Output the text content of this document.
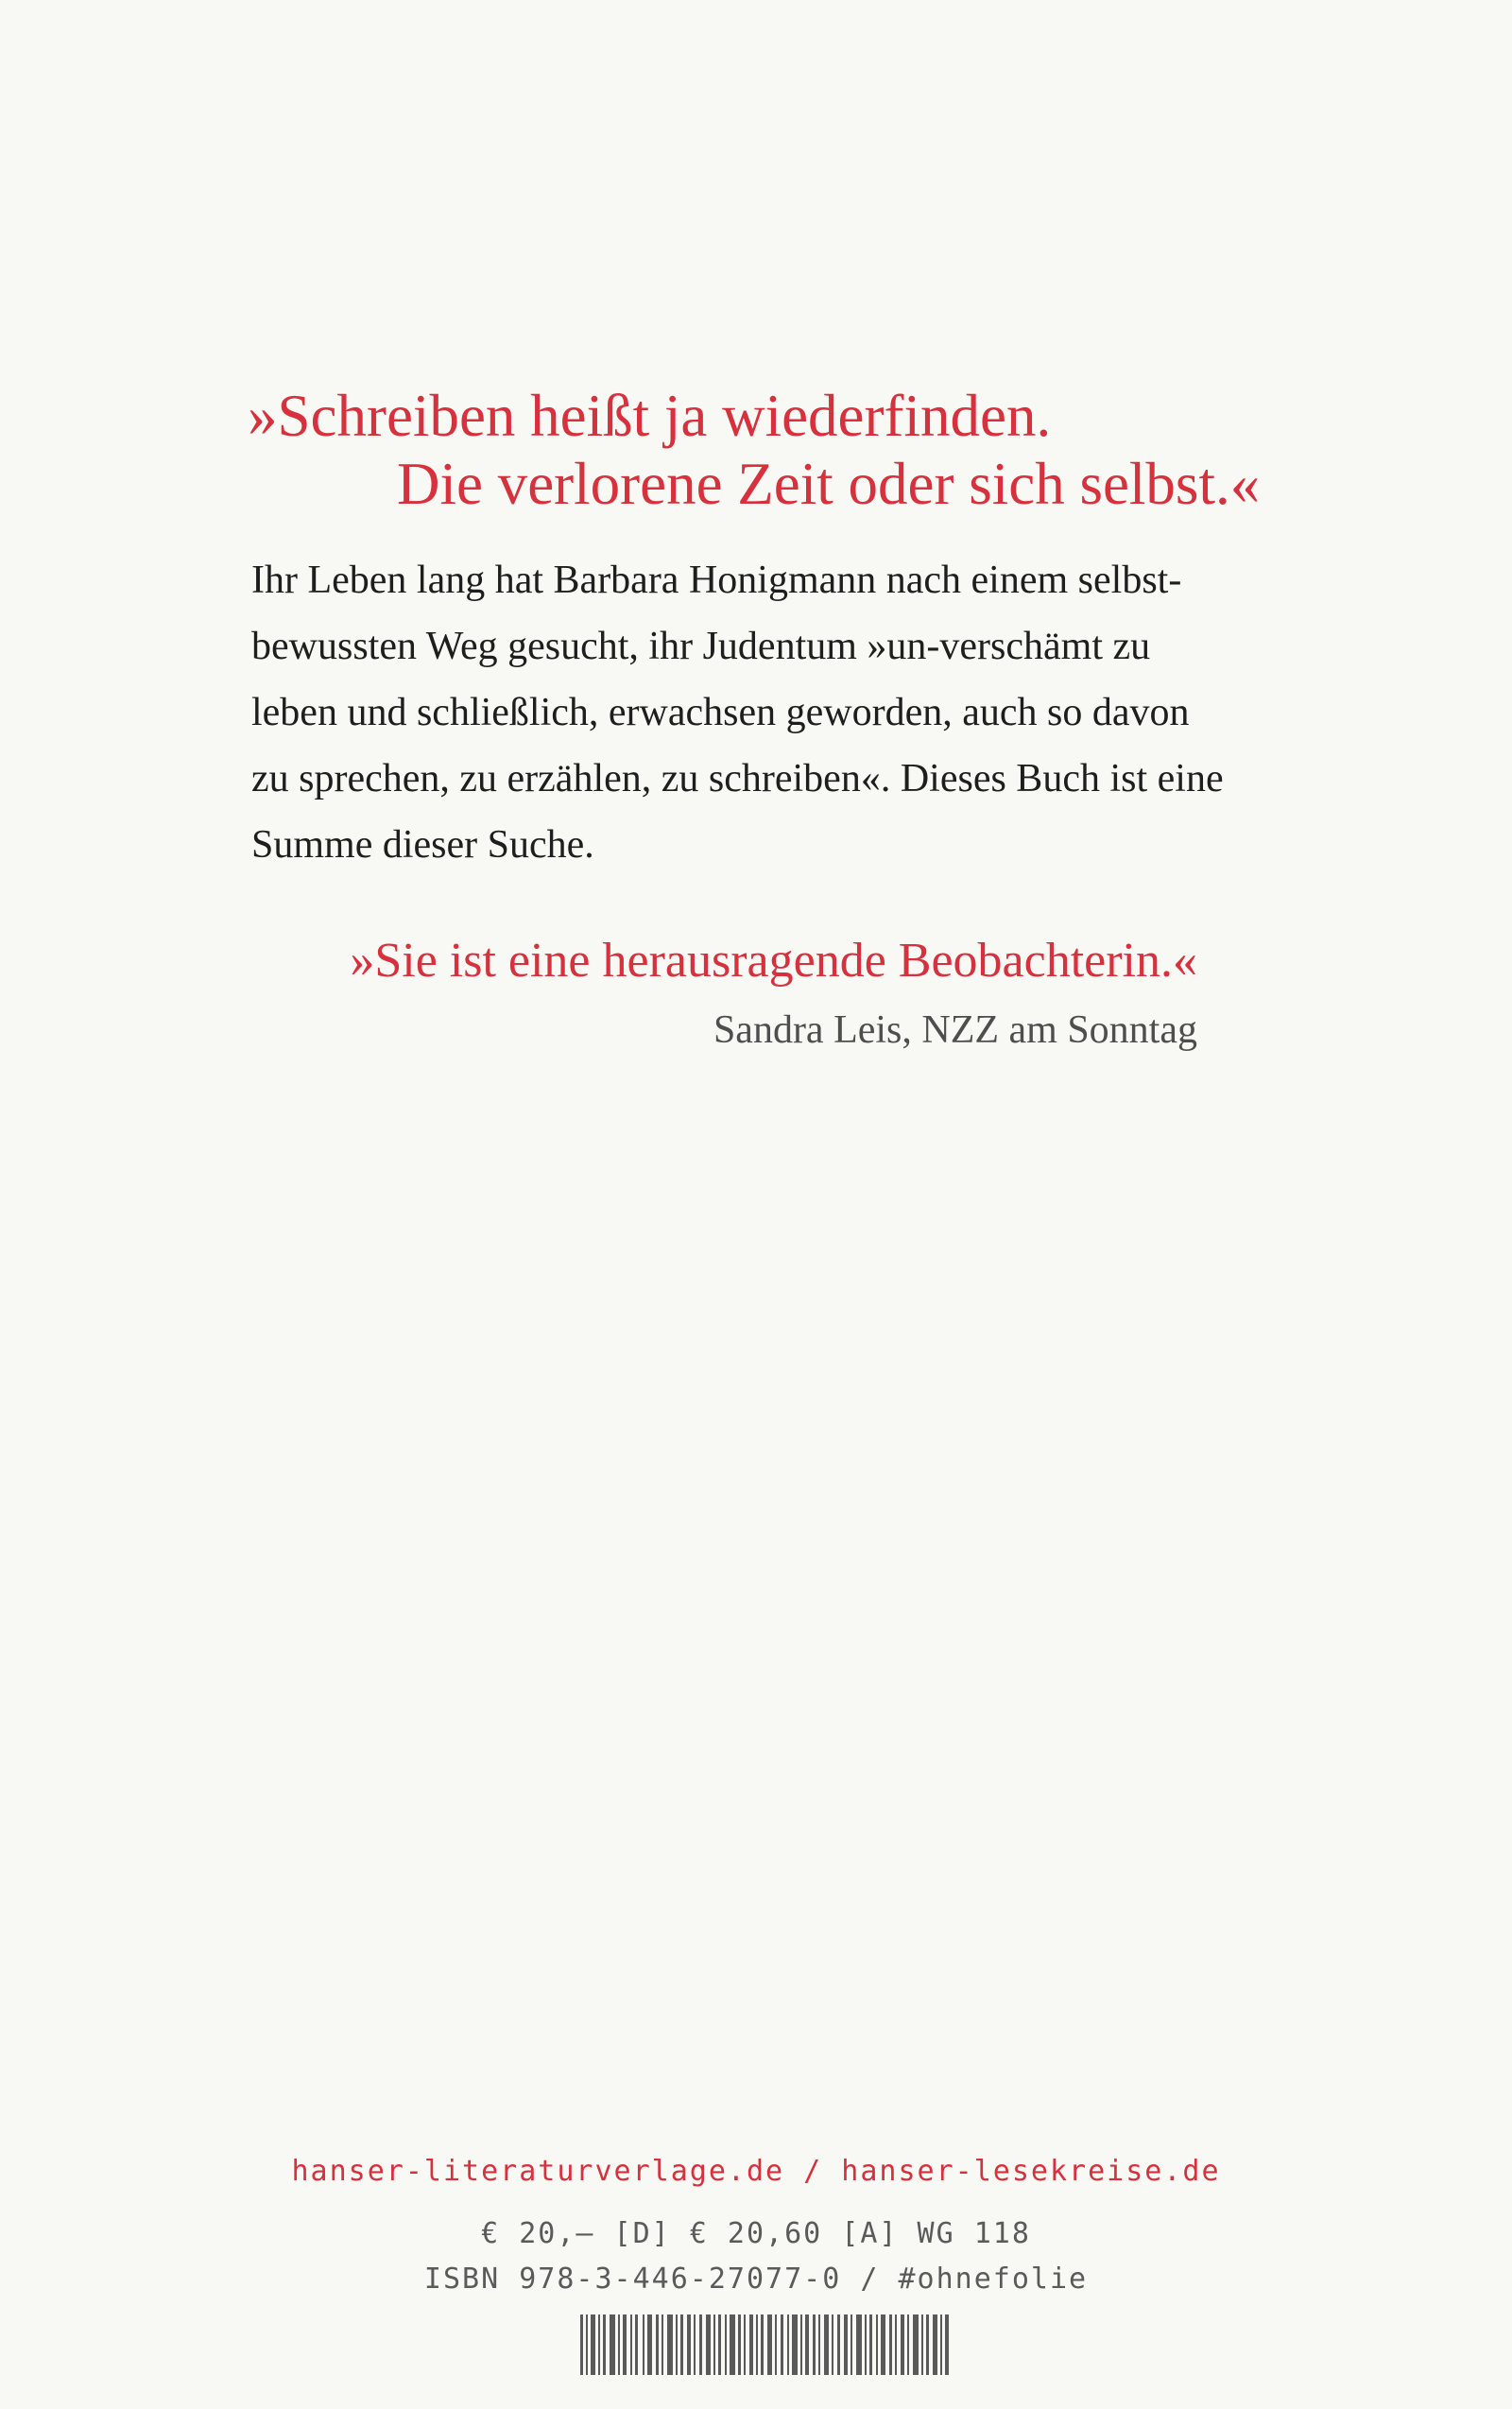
»Schreiben heißt ja wiederfinden.
Die verlorene Zeit oder sich selbst.«
Ihr Leben lang hat Barbara Honigmann nach einem selbst-
bewussten Weg gesucht, ihr Judentum »un-verschämt zu
leben und schließlich, erwachsen geworden, auch so davon
zu sprechen, zu erzählen, zu schreiben«. Dieses Buch ist eine
Summe dieser Suche.
»Sie ist eine herausragende Beobachterin.«
Sandra Leis, NZZ am Sonntag
hanser-literaturverlage.de / hanser-lesekreise.de
€ 20,– [D] € 20,60 [A] WG 118
ISBN 978-3-446-27077-0 / #ohnefolie
